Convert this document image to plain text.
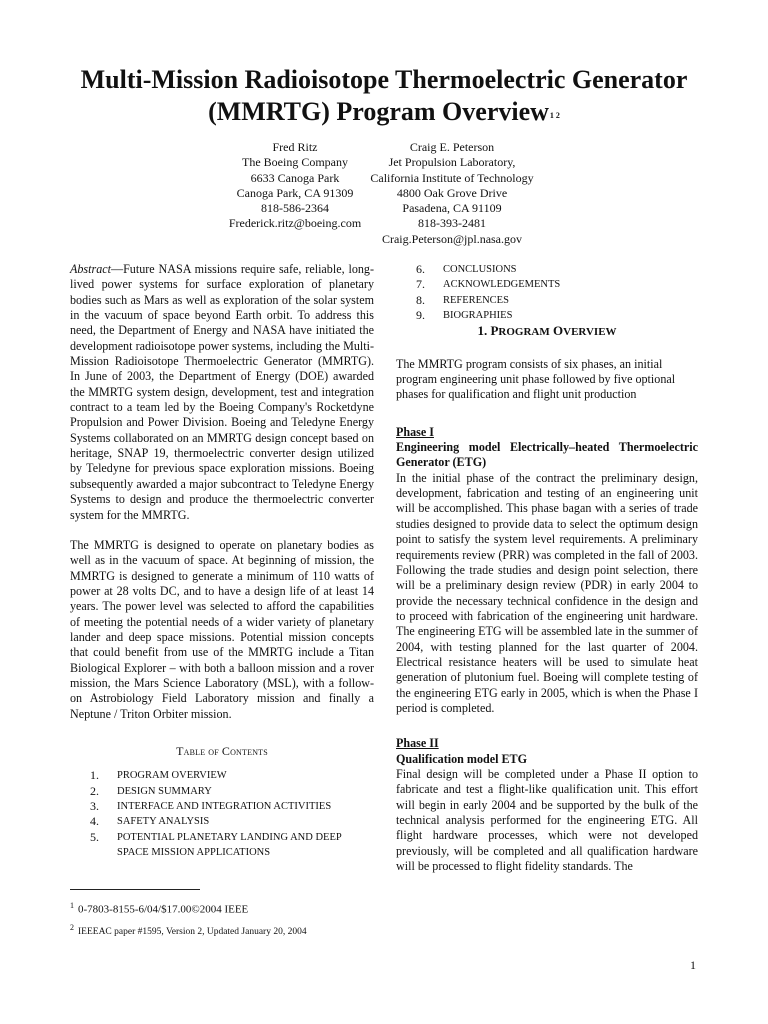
Multi-Mission Radioisotope Thermoelectric Generator
(MMRTG) Program Overview$^{1 2}$
Fred Ritz
The Boeing Company
6633 Canoga Park
Canoga Park, CA 91309
818-586-2364
Frederick.ritz@boeing.com
Craig E. Peterson
Jet Propulsion Laboratory,
California Institute of Technology
4800 Oak Grove Drive
Pasadena, CA 91109
818-393-2481
Craig.Peterson@jpl.nasa.gov

Abstract—Future NASA missions require safe, reliable, long-lived power systems for surface exploration of planetary bodies such as Mars as well as exploration of the solar system in the vacuum of space beyond Earth orbit. To address this need, the Department of Energy and NASA have initiated the development radioisotope power systems, including the Multi-Mission Radioisotope Thermoelectric Generator (MMRTG). In June of 2003, the Department of Energy (DOE) awarded the MMRTG system design, development, test and integration contract to a team led by the Boeing Company's Rocketdyne Propulsion and Power Division. Boeing and Teledyne Energy Systems collaborated on an MMRTG design concept based on heritage, SNAP 19, thermoelectric converter design utilized by Teledyne for previous space exploration missions. Boeing subsequently awarded a major subcontract to Teledyne Energy Systems to design and produce the thermoelectric converter system for the MMRTG.

The MMRTG is designed to operate on planetary bodies as well as in the vacuum of space. At beginning of mission, the MMRTG is designed to generate a minimum of 110 watts of power at 28 volts DC, and to have a design life of at least 14 years. The power level was selected to afford the capabilities of meeting the potential needs of a wider variety of planetary lander and deep space missions. Potential mission concepts that could benefit from use of the MMRTG include a Titan Biological Explorer – with both a balloon mission and a rover mission, the Mars Science Laboratory (MSL), with a follow-on Astrobiology Field Laboratory mission and finally a Neptune / Triton Orbiter mission.

Table of Contents

1. PROGRAM OVERVIEW
2. DESIGN SUMMARY
3. INTERFACE AND INTEGRATION ACTIVITIES
4. SAFETY ANALYSIS
5. POTENTIAL PLANETARY LANDING AND DEEP SPACE MISSION APPLICATIONS
6. CONCLUSIONS
7. ACKNOWLEDGEMENTS
8. REFERENCES
9. BIOGRAPHIES

1. PROGRAM OVERVIEW

The MMRTG program consists of six phases, an initial program engineering unit phase followed by five optional phases for qualification and flight unit production

Phase I

Engineering model Electrically–heated Thermoelectric Generator (ETG)

In the initial phase of the contract the preliminary design, development, fabrication and testing of an engineering unit will be accomplished. This phase bagan with a series of trade studies designed to provide data to select the optimum design point to satisfy the system level requirements. A preliminary requirements review (PRR) was completed in the fall of 2003. Following the trade studies and design point selection, there will be a preliminary design review (PDR) in early 2004 to provide the necessary technical confidence in the design and to proceed with fabrication of the engineering unit hardware. The engineering ETG will be assembled late in the summer of 2004, with testing planned for the last quarter of 2004. Electrical resistance heaters will be used to simulate heat generation of plutonium fuel. Boeing will complete testing of the engineering ETG early in 2005, which is when the Phase I period is completed.

Phase II

Qualification model ETG

Final design will be completed under a Phase II option to fabricate and test a flight-like qualification unit. This effort will begin in early 2004 and be supported by the bulk of the technical analysis performed for the engineering ETG. All flight hardware processes, which were not developed previously, will be completed and all qualification hardware will be processed to flight fidelity standards. The

$^1$ 0-7803-8155-6/04/$17.00©2004 IEEE
$^2$ IEEEAC paper #1595, Version 2, Updated January 20, 2004
1
